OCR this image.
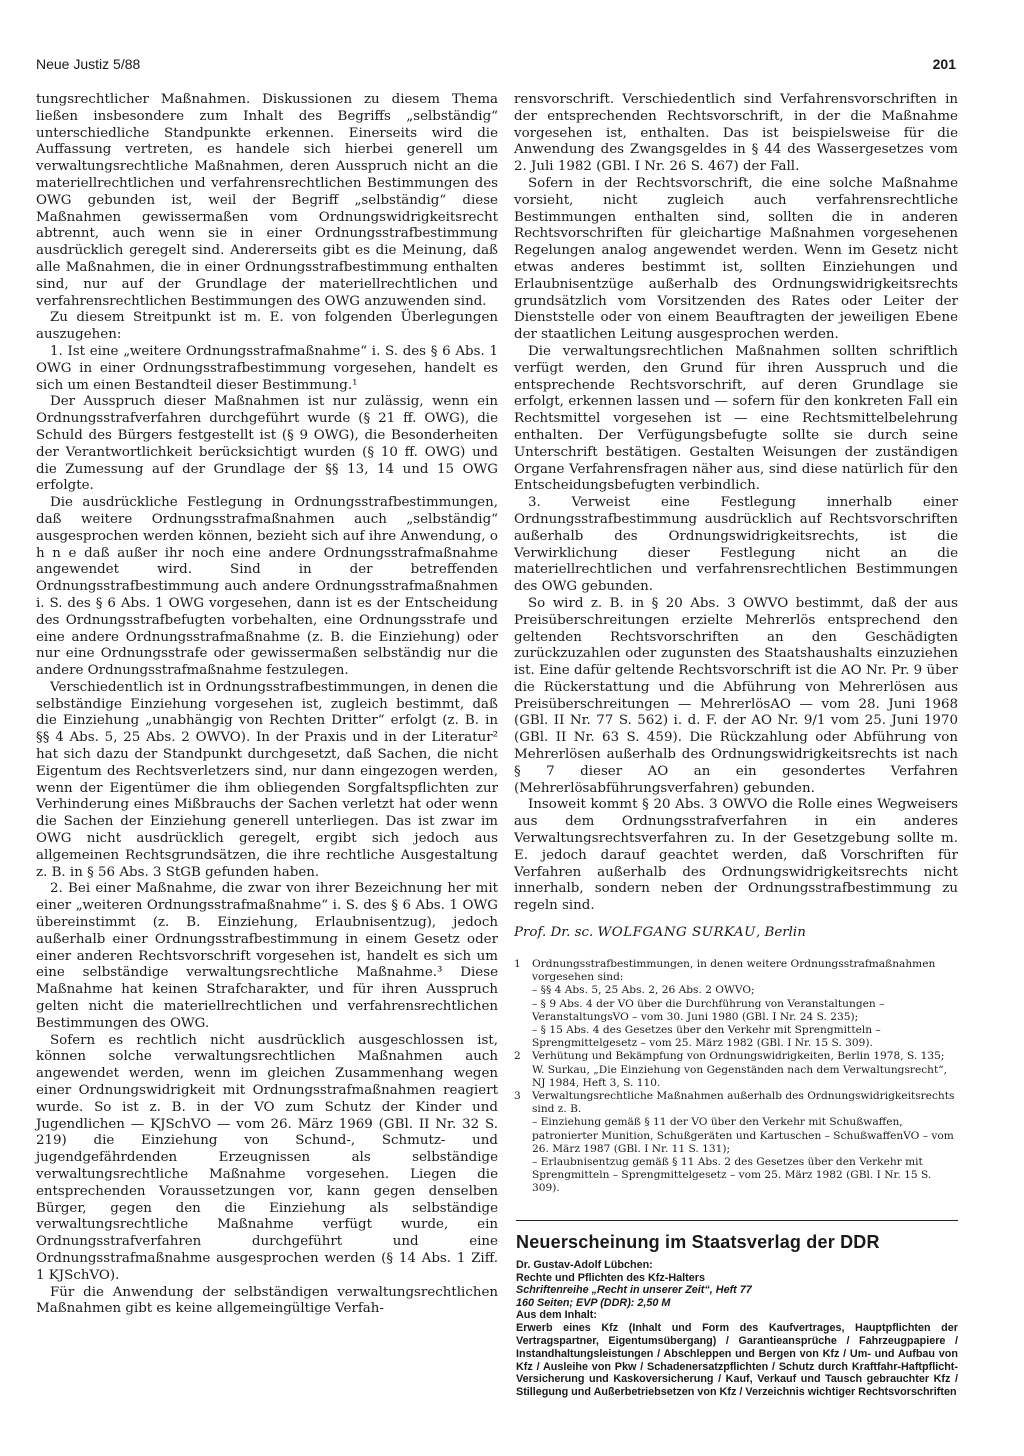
Neue Justiz 5/88	201

tungsrechtlicher Maßnahmen. Diskussionen zu diesem Thema ließen insbesondere zum Inhalt des Begriffs „selbständig“ unterschiedliche Standpunkte erkennen. Einerseits wird die Auffassung vertreten, es handele sich hierbei generell um verwaltungsrechtliche Maßnahmen, deren Ausspruch nicht an die materiellrechtlichen und verfahrensrechtlichen Bestimmungen des OWG gebunden ist, weil der Begriff „selbständig“ diese Maßnahmen gewissermaßen vom Ordnungswidrigkeitsrecht abtrennt, auch wenn sie in einer Ordnungsstrafbestimmung ausdrücklich geregelt sind. Andererseits gibt es die Meinung, daß alle Maßnahmen, die in einer Ordnungsstrafbestimmung enthalten sind, nur auf der Grundlage der materiellrechtlichen und verfahrensrechtlichen Bestimmungen des OWG anzuwenden sind.

Zu diesem Streitpunkt ist m. E. von folgenden Überlegungen auszugehen:

1. Ist eine „weitere Ordnungsstrafmaßnahme“ i. S. des § 6 Abs. 1 OWG in einer Ordnungsstrafbestimmung vorgesehen, handelt es sich um einen Bestandteil dieser Bestimmung.¹

Der Ausspruch dieser Maßnahmen ist nur zulässig, wenn ein Ordnungsstrafverfahren durchgeführt wurde (§ 21 ff. OWG), die Schuld des Bürgers festgestellt ist (§ 9 OWG), die Besonderheiten der Verantwortlichkeit berücksichtigt wurden (§ 10 ff. OWG) und die Zumessung auf der Grundlage der §§ 13, 14 und 15 OWG erfolgte.

Die ausdrückliche Festlegung in Ordnungsstrafbestimmungen, daß weitere Ordnungsstrafmaßnahmen auch „selbständig“ ausgesprochen werden können, bezieht sich auf ihre Anwendung, o h n e daß außer ihr noch eine andere Ordnungsstrafmaßnahme angewendet wird. Sind in der betreffenden Ordnungsstrafbestimmung auch andere Ordnungsstrafmaßnahmen i. S. des § 6 Abs. 1 OWG vorgesehen, dann ist es der Entscheidung des Ordnungsstrafbefugten vorbehalten, eine Ordnungsstrafe und eine andere Ordnungsstrafmaßnahme (z. B. die Einziehung) oder nur eine Ordnungsstrafe oder gewissermaßen selbständig nur die andere Ordnungsstrafmaßnahme festzulegen.

Verschiedentlich ist in Ordnungsstrafbestimmungen, in denen die selbständige Einziehung vorgesehen ist, zugleich bestimmt, daß die Einziehung „unabhängig von Rechten Dritter“ erfolgt (z. B. in §§ 4 Abs. 5, 25 Abs. 2 OWVO). In der Praxis und in der Literatur² hat sich dazu der Standpunkt durchgesetzt, daß Sachen, die nicht Eigentum des Rechtsverletzers sind, nur dann eingezogen werden, wenn der Eigentümer die ihm obliegenden Sorgfaltspflichten zur Verhinderung eines Mißbrauchs der Sachen verletzt hat oder wenn die Sachen der Einziehung generell unterliegen. Das ist zwar im OWG nicht ausdrücklich geregelt, ergibt sich jedoch aus allgemeinen Rechtsgrundsätzen, die ihre rechtliche Ausgestaltung z. B. in § 56 Abs. 3 StGB gefunden haben.

2. Bei einer Maßnahme, die zwar von ihrer Bezeichnung her mit einer „weiteren Ordnungsstrafmaßnahme“ i. S. des § 6 Abs. 1 OWG übereinstimmt (z. B. Einziehung, Erlaubnisentzug), jedoch außerhalb einer Ordnungsstrafbestimmung in einem Gesetz oder einer anderen Rechtsvorschrift vorgesehen ist, handelt es sich um eine selbständige verwaltungsrechtliche Maßnahme.³ Diese Maßnahme hat keinen Strafcharakter, und für ihren Ausspruch gelten nicht die materiellrechtlichen und verfahrensrechtlichen Bestimmungen des OWG.

Sofern es rechtlich nicht ausdrücklich ausgeschlossen ist, können solche verwaltungsrechtlichen Maßnahmen auch angewendet werden, wenn im gleichen Zusammenhang wegen einer Ordnungswidrigkeit mit Ordnungsstrafmaßnahmen reagiert wurde. So ist z. B. in der VO zum Schutz der Kinder und Jugendlichen — KJSchVO — vom 26. März 1969 (GBl. II Nr. 32 S. 219) die Einziehung von Schund-, Schmutz- und jugendgefährdenden Erzeugnissen als selbständige verwaltungsrechtliche Maßnahme vorgesehen. Liegen die entsprechenden Voraussetzungen vor, kann gegen denselben Bürger, gegen den die Einziehung als selbständige verwaltungsrechtliche Maßnahme verfügt wurde, ein Ordnungsstrafverfahren durchgeführt und eine Ordnungsstrafmaßnahme ausgesprochen werden (§ 14 Abs. 1 Ziff. 1 KJSchVO).

Für die Anwendung der selbständigen verwaltungsrechtlichen Maßnahmen gibt es keine allgemeingültige Verfah-

rensvorschrift. Verschiedentlich sind Verfahrensvorschriften in der entsprechenden Rechtsvorschrift, in der die Maßnahme vorgesehen ist, enthalten. Das ist beispielsweise für die Anwendung des Zwangsgeldes in § 44 des Wassergesetzes vom 2. Juli 1982 (GBl. I Nr. 26 S. 467) der Fall.

Sofern in der Rechtsvorschrift, die eine solche Maßnahme vorsieht, nicht zugleich auch verfahrensrechtliche Bestimmungen enthalten sind, sollten die in anderen Rechtsvorschriften für gleichartige Maßnahmen vorgesehenen Regelungen analog angewendet werden. Wenn im Gesetz nicht etwas anderes bestimmt ist, sollten Einziehungen und Erlaubnisentzüge außerhalb des Ordnungswidrigkeitsrechts grundsätzlich vom Vorsitzenden des Rates oder Leiter der Dienststelle oder von einem Beauftragten der jeweiligen Ebene der staatlichen Leitung ausgesprochen werden.

Die verwaltungsrechtlichen Maßnahmen sollten schriftlich verfügt werden, den Grund für ihren Ausspruch und die entsprechende Rechtsvorschrift, auf deren Grundlage sie erfolgt, erkennen lassen und — sofern für den konkreten Fall ein Rechtsmittel vorgesehen ist — eine Rechtsmittelbelehrung enthalten. Der Verfügungsbefugte sollte sie durch seine Unterschrift bestätigen. Gestalten Weisungen der zuständigen Organe Verfahrensfragen näher aus, sind diese natürlich für den Entscheidungsbefugten verbindlich.

3. Verweist eine Festlegung innerhalb einer Ordnungsstrafbestimmung ausdrücklich auf Rechtsvorschriften außerhalb des Ordnungswidrigkeitsrechts, ist die Verwirklichung dieser Festlegung nicht an die materiellrechtlichen und verfahrensrechtlichen Bestimmungen des OWG gebunden.

So wird z. B. in § 20 Abs. 3 OWVO bestimmt, daß der aus Preisüberschreitungen erzielte Mehrerlös entsprechend den geltenden Rechtsvorschriften an den Geschädigten zurückzuzahlen oder zugunsten des Staatshaushalts einzuziehen ist. Eine dafür geltende Rechtsvorschrift ist die AO Nr. Pr. 9 über die Rückerstattung und die Abführung von Mehrerlösen aus Preisüberschreitungen — MehrerlösAO — vom 28. Juni 1968 (GBl. II Nr. 77 S. 562) i. d. F. der AO Nr. 9/1 vom 25. Juni 1970 (GBl. II Nr. 63 S. 459). Die Rückzahlung oder Abführung von Mehrerlösen außerhalb des Ordnungswidrigkeitsrechts ist nach § 7 dieser AO an ein gesondertes Verfahren (Mehrerlösabführungsverfahren) gebunden.

Insoweit kommt § 20 Abs. 3 OWVO die Rolle eines Wegweisers aus dem Ordnungsstrafverfahren in ein anderes Verwaltungsrechtsverfahren zu. In der Gesetzgebung sollte m. E. jedoch darauf geachtet werden, daß Vorschriften für Verfahren außerhalb des Ordnungswidrigkeitsrechts nicht innerhalb, sondern neben der Ordnungsstrafbestimmung zu regeln sind.

Prof. Dr. sc. WOLFGANG SURKAU, Berlin

1	Ordnungsstrafbestimmungen, in denen weitere Ordnungsstrafmaßnahmen vorgesehen sind:
– §§ 4 Abs. 5, 25 Abs. 2, 26 Abs. 2 OWVO;
– § 9 Abs. 4 der VO über die Durchführung von Veranstaltungen – VeranstaltungsVO – vom 30. Juni 1980 (GBl. I Nr. 24 S. 235);
– § 15 Abs. 4 des Gesetzes über den Verkehr mit Sprengmitteln – Sprengmittelgesetz – vom 25. März 1982 (GBl. I Nr. 15 S. 309).
2	Verhütung und Bekämpfung von Ordnungswidrigkeiten, Berlin 1978, S. 135; W. Surkau, „Die Einziehung von Gegenständen nach dem Verwaltungsrecht“, NJ 1984, Heft 3, S. 110.
3	Verwaltungsrechtliche Maßnahmen außerhalb des Ordnungswidrigkeitsrechts sind z. B.
– Einziehung gemäß § 11 der VO über den Verkehr mit Schußwaffen, patronierter Munition, Schußgeräten und Kartuschen – SchußwaffenVO – vom 26. März 1987 (GBl. I Nr. 11 S. 131);
– Erlaubnisentzug gemäß § 11 Abs. 2 des Gesetzes über den Verkehr mit Sprengmitteln – Sprengmittelgesetz – vom 25. März 1982 (GBl. I Nr. 15 S. 309).
Neuerscheinung im Staatsverlag der DDR
Dr. Gustav-Adolf Lübchen:
Rechte und Pflichten des Kfz-Halters
Schriftenreihe „Recht in unserer Zeit“, Heft 77
160 Seiten; EVP (DDR): 2,50 M
Aus dem Inhalt:
Erwerb eines Kfz (Inhalt und Form des Kaufvertrages, Hauptpflichten der Vertragspartner, Eigentumsübergang) / Garantieansprüche / Fahrzeugpapiere / Instandhaltungsleistungen / Abschleppen und Bergen von Kfz / Um- und Aufbau von Kfz / Ausleihe von Pkw / Schadenersatzpflichten / Schutz durch Kraftfahr-Haftpflicht-Versicherung und Kaskoversicherung / Kauf, Verkauf und Tausch gebrauchter Kfz / Stillegung und Außerbetriebsetzen von Kfz / Verzeichnis wichtiger Rechtsvorschriften
